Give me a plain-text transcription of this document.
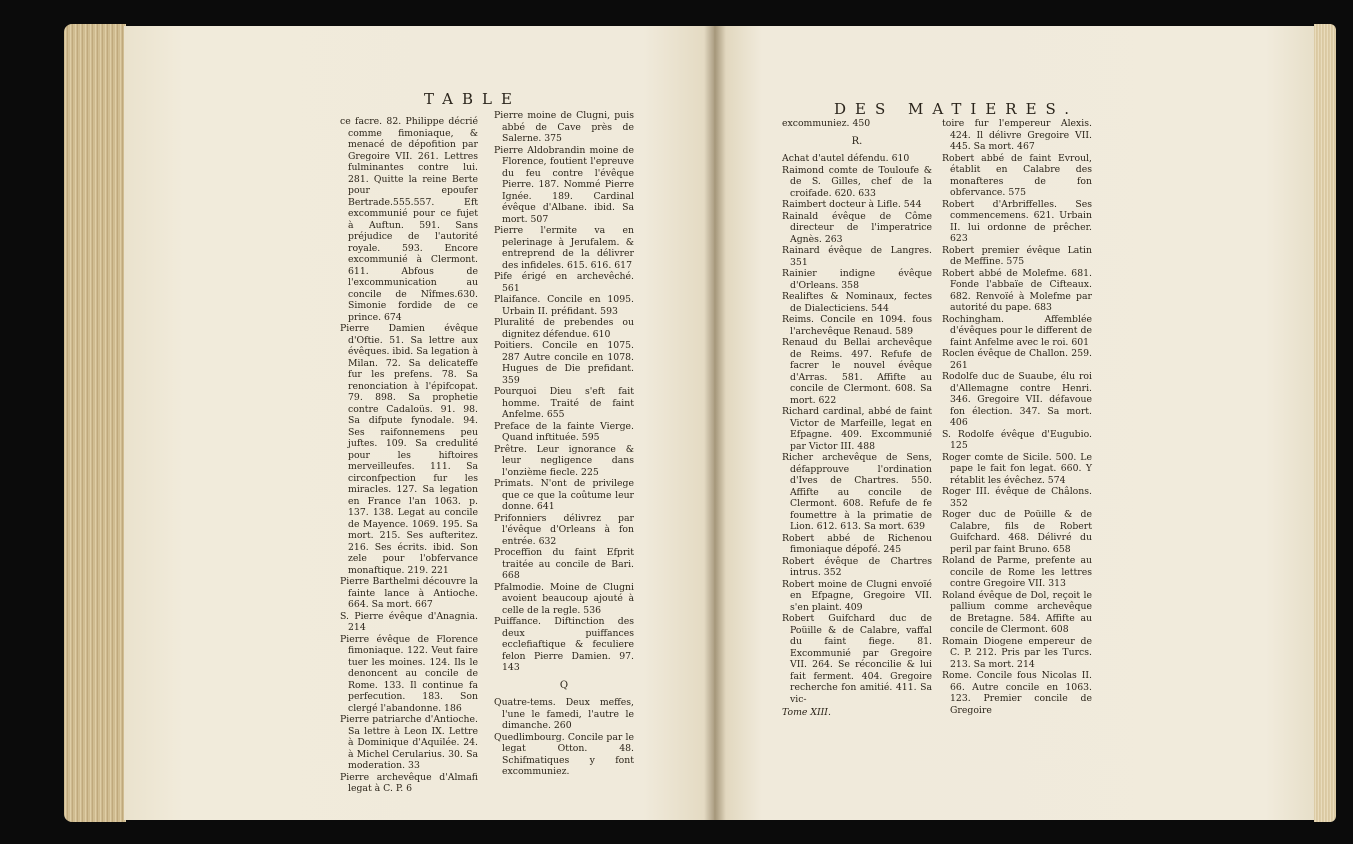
TABLE

ce facre. 82. Philippe décrié comme fimoniaque, & menacé de dépofition par Gregoire VII. 261. Lettres fulminantes contre lui. 281. Quitte la reine Berte pour epoufer Bertrade.555.557. Eft excommunié pour ce fujet à Auftun. 591. Sans préjudice de l'autorité royale. 593. Encore excommunié à Clermont. 611. Abfous de l'excommunication au concile de Nîfmes.630. Simonie fordide de ce prince. 674

Pierre Damien évêque d'Oftie. 51. Sa lettre aux évêques. ibid. Sa legation à Milan. 72. Sa delicateffe fur les prefens. 78. Sa renonciation à l'épifcopat. 79. 898. Sa prophetie contre Cadaloüs. 91. 98. Sa difpute fynodale. 94. Ses raifonnemens peu juftes. 109. Sa credulité pour les hiftoires merveilleufes. 111. Sa circonfpection fur les miracles. 127. Sa legation en France l'an 1063. p. 137. 138. Legat au concile de Mayence. 1069. 195. Sa mort. 215. Ses aufteritez. 216. Ses écrits. ibid. Son zele pour l'obfervance monaftique. 219. 221

Pierre Barthelmi découvre la fainte lance à Antioche. 664. Sa mort. 667

S. Pierre évêque d'Anagnia. 214

Pierre évêque de Florence fimoniaque. 122. Veut faire tuer les moines. 124. Ils le denoncent au concile de Rome. 133. Il continue fa perfecution. 183. Son clergé l'abandonne. 186

Pierre patriarche d'Antioche. Sa lettre à Leon IX. Lettre à Dominique d'Aquilée. 24. à Michel Cerularius. 30. Sa moderation. 33

Pierre archevêque d'Almafi legat à C. P. 6

Pierre moine de Clugni, puis abbé de Cave près de Salerne. 375

Pierre Aldobrandin moine de Florence, foutient l'epreuve du feu contre l'évêque Pierre. 187. Nommé Pierre Ignée. 189. Cardinal évêque d'Albane. ibid. Sa mort. 507

Pierre l'ermite va en pelerinage à Jerufalem. & entreprend de la délivrer des infideles. 615. 616. 617

Pife érigé en archevêché. 561

Plaifance. Concile en 1095. Urbain II. préfidant. 593

Pluralité de prebendes ou dignitez défendue. 610

Poitiers. Concile en 1075. 287 Autre concile en 1078. Hugues de Die prefidant. 359

Pourquoi Dieu s'eft fait homme. Traité de faint Anfelme. 655

Preface de la fainte Vierge. Quand inftituée. 595

Prêtre. Leur ignorance & leur negligence dans l'onzième fiecle. 225

Primats. N'ont de privilege que ce que la coûtume leur donne. 641

Prifonniers délivrez par l'évêque d'Orleans à fon entrée. 632

Proceffion du faint Efprit traitée au concile de Bari. 668

Pfalmodie. Moine de Clugni avoient beaucoup ajouté à celle de la regle. 536

Puiffance. Diftinction des deux puiffances ecclefiaftique & feculiere felon Pierre Damien. 97. 143

Q

Quatre-tems. Deux meffes, l'une le famedi, l'autre le dimanche. 260

Quedlimbourg. Concile par le legat Otton. 48. Schifmatiques y font excommuniez.

DES MATIERES.
excommuniez. 450
R.

Achat d'autel défendu. 610

Raimond comte de Touloufe & de S. Gilles, chef de la croifade. 620. 633

Raimbert docteur à Lifle. 544

Rainald évêque de Côme directeur de l'imperatrice Agnès. 263

Rainard évêque de Langres. 351

Rainier indigne évêque d'Orleans. 358

Realiftes & Nominaux, fectes de Dialecticiens. 544

Reims. Concile en 1094. fous l'archevêque Renaud. 589

Renaud du Bellai archevêque de Reims. 497. Refufe de facrer le nouvel évêque d'Arras. 581. Affifte au concile de Clermont. 608. Sa mort. 622

Richard cardinal, abbé de faint Victor de Marfeille, legat en Efpagne. 409. Excommunié par Victor III. 488

Richer archevêque de Sens, défapprouve l'ordination d'Ives de Chartres. 550. Affifte au concile de Clermont. 608. Refufe de fe foumettre à la primatie de Lion. 612. 613. Sa mort. 639

Robert abbé de Richenou fimoniaque dépofé. 245

Robert évêque de Chartres intrus. 352

Robert moine de Clugni envoïé en Efpagne, Gregoire VII. s'en plaint. 409

Robert Guifchard duc de Poüille & de Calabre, vaffal du faint fiege. 81. Excommunié par Gregoire VII. 264. Se réconcilie & lui fait ferment. 404. Gregoire recherche fon amitié. 411. Sa vic-

Tome XIII.

toire fur l'empereur Alexis. 424. Il délivre Gregoire VII. 445. Sa mort. 467

Robert abbé de faint Evroul, établit en Calabre des monafteres de fon obfervance. 575

Robert d'Arbriffelles. Ses commencemens. 621. Urbain II. lui ordonne de prêcher. 623

Robert premier évêque Latin de Meffine. 575

Robert abbé de Molefme. 681. Fonde l'abbaïe de Cifteaux. 682. Renvoïé à Molefme par autorité du pape. 683

Rochingham. Affemblée d'évêques pour le different de faint Anfelme avec le roi. 601

Roclen évêque de Challon. 259. 261

Rodolfe duc de Suaube, élu roi d'Allemagne contre Henri. 346. Gregoire VII. défavoue fon élection. 347. Sa mort. 406

S. Rodolfe évêque d'Eugubio. 125

Roger comte de Sicile. 500. Le pape le fait fon legat. 660. Y rétablit les évêchez. 574

Roger III. évêque de Châlons. 352

Roger duc de Poüille & de Calabre, fils de Robert Guifchard. 468. Délivré du peril par faint Bruno. 658

Roland de Parme, prefente au concile de Rome les lettres contre Gregoire VII. 313

Roland évêque de Dol, reçoit le pallium comme archevêque de Bretagne. 584. Affifte au concile de Clermont. 608

Romain Diogene empereur de C. P. 212. Pris par les Turcs. 213. Sa mort. 214

Rome. Concile fous Nicolas II. 66. Autre concile en 1063. 123. Premier concile de Gregoire
